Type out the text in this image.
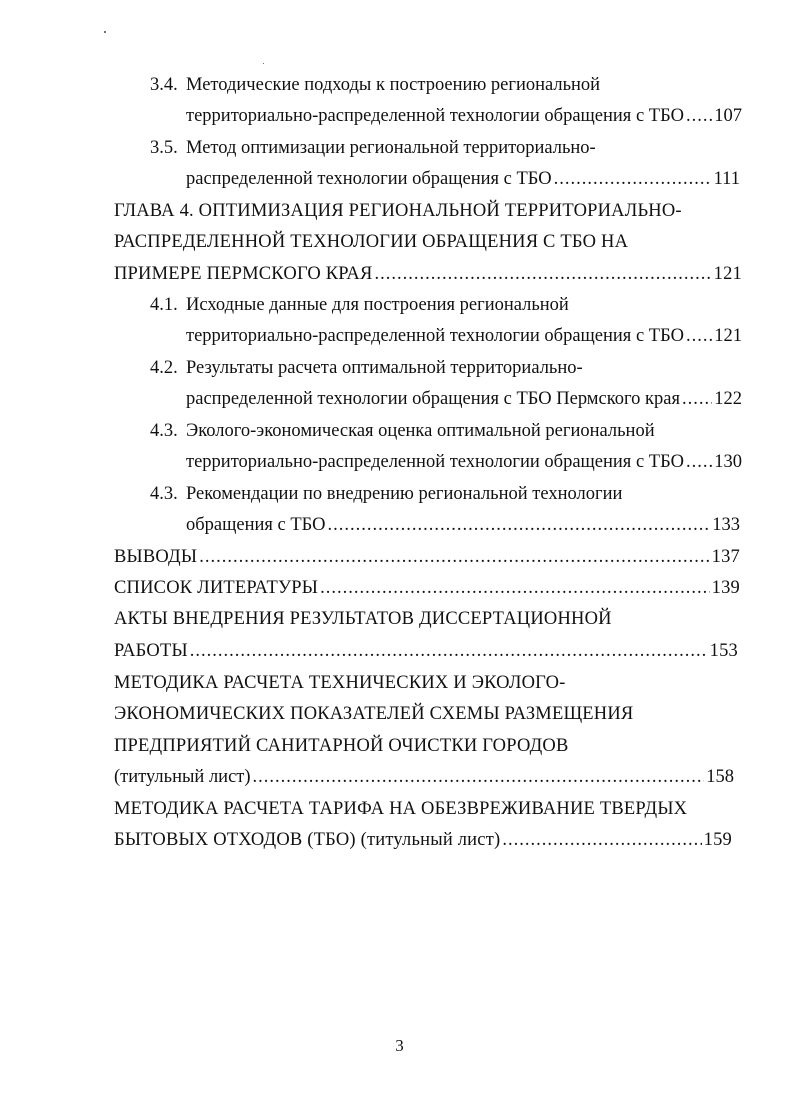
3.4. Методические подходы к построению региональной
территориально-распределенной технологии обращения с ТБО ..... 107
3.5. Метод оптимизации региональной территориально-
распределенной технологии обращения с ТБО .....	111
ГЛАВА 4. ОПТИМИЗАЦИЯ РЕГИОНАЛЬНОЙ ТЕРРИТОРИАЛЬНО-
РАСПРЕДЕЛЕННОЙ ТЕХНОЛОГИИ ОБРАЩЕНИЯ С ТБО НА
ПРИМЕРЕ ПЕРМСКОГО КРАЯ .....	121
4.1. Исходные данные для построения региональной
территориально-распределенной технологии обращения с ТБО ..... 121
4.2. Результаты расчета оптимальной территориально-
распределенной технологии обращения с ТБО Пермского края ..... 122
4.3. Эколого-экономическая оценка оптимальной региональной
территориально-распределенной технологии обращения с ТБО ..... 130
4.3. Рекомендации по внедрению региональной технологии
обращения с ТБО .....	133
ВЫВОДЫ .....	137
СПИСОК ЛИТЕРАТУРЫ .....	139
АКТЫ ВНЕДРЕНИЯ РЕЗУЛЬТАТОВ ДИССЕРТАЦИОННОЙ
РАБОТЫ .....	153
МЕТОДИКА РАСЧЕТА ТЕХНИЧЕСКИХ И ЭКОЛОГО-
ЭКОНОМИЧЕСКИХ ПОКАЗАТЕЛЕЙ СХЕМЫ РАЗМЕЩЕНИЯ
ПРЕДПРИЯТИЙ САНИТАРНОЙ ОЧИСТКИ ГОРОДОВ
(титульный лист) .....	158
МЕТОДИКА РАСЧЕТА ТАРИФА НА ОБЕЗВРЕЖИВАНИЕ ТВЕРДЫХ
БЫТОВЫХ ОТХОДОВ (ТБО) (титульный лист) .....	159
3
